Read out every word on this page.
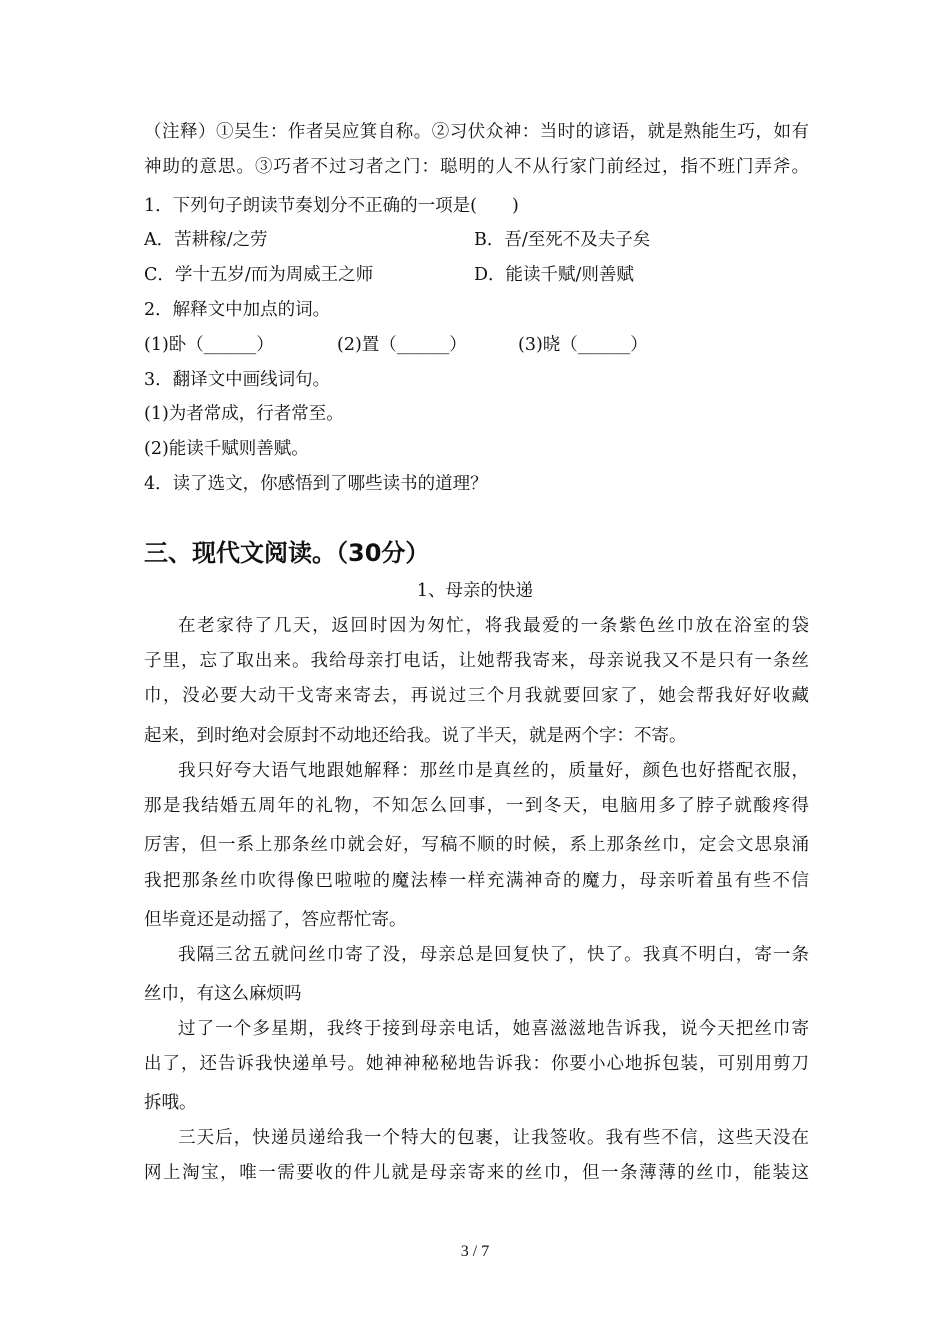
（注释）①吴生：作者吴应箕自称。②习伏众神：当时的谚语，就是熟能生巧，如有
神助的意思。③巧者不过习者之门：聪明的人不从行家门前经过，指不班门弄斧。
1．下列句子朗读节奏划分不正确的一项是(　　)
A．苦耕稼/之劳	B．吾/至死不及夫子矣
C．学十五岁/而为周威王之师	D．能读千赋/则善赋
2．解释文中加点的词。
(1)卧（______）	(2)置（______）	(3)晓（______）
3．翻译文中画线词句。
(1)为者常成，行者常至。
(2)能读千赋则善赋。
4．读了选文，你感悟到了哪些读书的道理？
三、现代文阅读。（30分）
1、母亲的快递
在老家待了几天，返回时因为匆忙，将我最爱的一条紫色丝巾放在浴室的袋
子里，忘了取出来。我给母亲打电话，让她帮我寄来，母亲说我又不是只有一条丝
巾，没必要大动干戈寄来寄去，再说过三个月我就要回家了，她会帮我好好收藏
起来，到时绝对会原封不动地还给我。说了半天，就是两个字：不寄。
我只好夸大语气地跟她解释：那丝巾是真丝的，质量好，颜色也好搭配衣服，
那是我结婚五周年的礼物，不知怎么回事，一到冬天，电脑用多了脖子就酸疼得
厉害，但一系上那条丝巾就会好，写稿不顺的时候，系上那条丝巾，定会文思泉涌
我把那条丝巾吹得像巴啦啦的魔法棒一样充满神奇的魔力，母亲听着虽有些不信
但毕竟还是动摇了，答应帮忙寄。
我隔三岔五就问丝巾寄了没，母亲总是回复快了，快了。我真不明白，寄一条
丝巾，有这么麻烦吗
过了一个多星期，我终于接到母亲电话，她喜滋滋地告诉我，说今天把丝巾寄
出了，还告诉我快递单号。她神神秘秘地告诉我：你要小心地拆包装，可别用剪刀
拆哦。
三天后，快递员递给我一个特大的包裹，让我签收。我有些不信，这些天没在
网上淘宝，唯一需要收的件儿就是母亲寄来的丝巾，但一条薄薄的丝巾，能装这
3 / 7
